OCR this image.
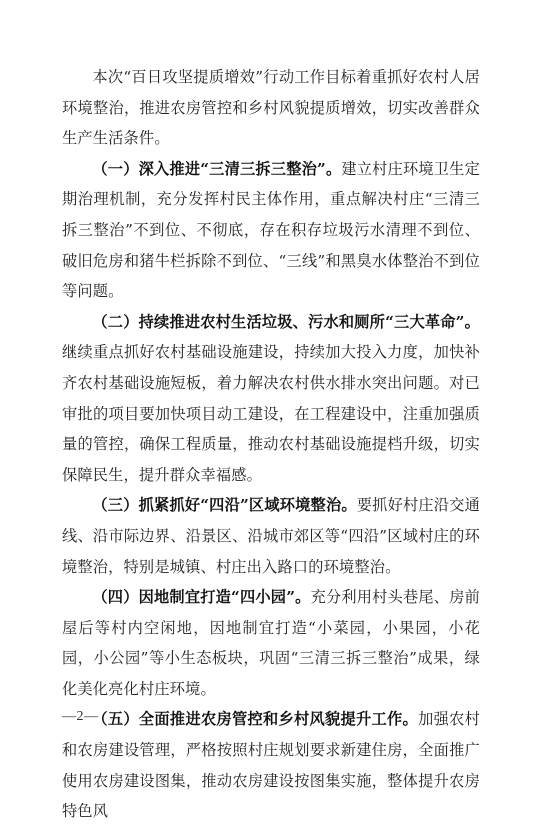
本次“百日攻坚提质增效”行动工作目标着重抓好农村人居环境整治，推进农房管控和乡村风貌提质增效，切实改善群众生产生活条件。

（一）深入推进“三清三拆三整治”。建立村庄环境卫生定期治理机制，充分发挥村民主体作用，重点解决村庄“三清三拆三整治”不到位、不彻底，存在积存垃圾污水清理不到位、破旧危房和猪牛栏拆除不到位、“三线”和黑臭水体整治不到位等问题。

（二）持续推进农村生活垃圾、污水和厕所“三大革命”。继续重点抓好农村基础设施建设，持续加大投入力度，加快补齐农村基础设施短板，着力解决农村供水排水突出问题。对已审批的项目要加快项目动工建设，在工程建设中，注重加强质量的管控，确保工程质量，推动农村基础设施提档升级，切实保障民生，提升群众幸福感。

（三）抓紧抓好“四沿”区域环境整治。要抓好村庄沿交通线、沿市际边界、沿景区、沿城市郊区等“四沿”区域村庄的环境整治，特别是城镇、村庄出入路口的环境整治。

（四）因地制宜打造“四小园”。充分利用村头巷尾、房前屋后等村内空闲地，因地制宜打造“小菜园，小果园，小花园，小公园”等小生态板块，巩固“三清三拆三整治”成果，绿化美化亮化村庄环境。

（五）全面推进农房管控和乡村风貌提升工作。加强农村和农房建设管理，严格按照村庄规划要求新建住房，全面推广使用农房建设图集，推动农房建设按图集实施，整体提升农房特色风

—2—
